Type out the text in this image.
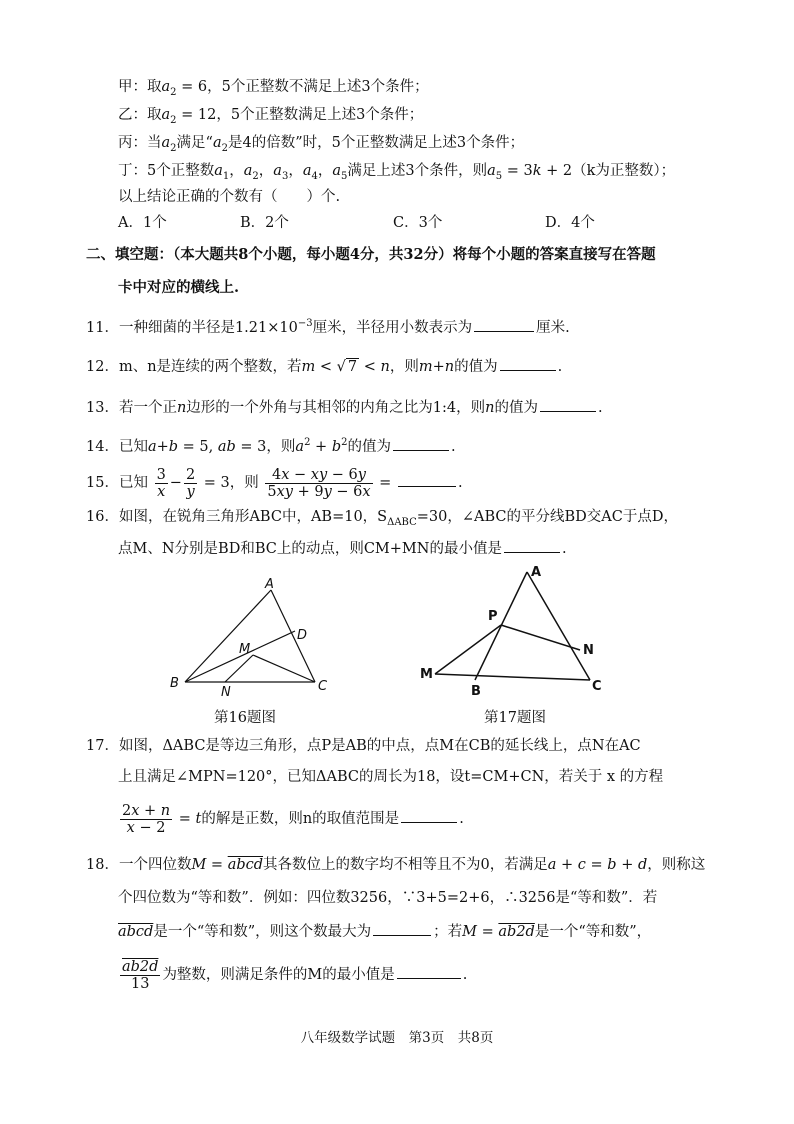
甲：取$a_2 = 6$，5个正整数不满足上述3个条件；
乙：取$a_2 = 12$，5个正整数满足上述3个条件；
丙：当$a_2$满足“$a_2$是4的倍数”时，5个正整数满足上述3个条件；
丁：5个正整数$a_1$，$a_2$，$a_3$，$a_4$，$a_5$满足上述3个条件，则$a_5 = 3k + 2(k$为正整数）；
以上结论正确的个数有（　　）个.
A．1个	B．2个	C．3个	D．4个
二、填空题：（本大题共8个小题，每小题4分，共32分）将每个小题的答案直接写在答题
卡中对应的横线上.
11．一种细菌的半径是$1.21\times 10^{-3}$厘米，半径用小数表示为	厘米.
12．m、n是连续的两个整数，若m < √ 7 < n，则m+n的值为	.
13．若一个正n边形的一个外角与其相邻的内角之比为1:4，则n的值为	.
14．已知a+b = 5, ab = 3，则$a^2 + b^2$的值为	.
15．已知 $\frac{3}{x} - \frac{2}{y} = 3$，则 $\frac{4x - xy - 6y}{5xy + 9y - 6x}$ =	.
16．如图，在锐角三角形ABC中，AB=10，$S_{\Delta ABC}=30$，∠ABC的平分线BD交AC于点D，
点M、N分别是BD和BC上的动点，则CM+MN的最小值是	.
A
B	C
D
M
N
第16题图
A
B	C
M
N
P
第17题图
17．如图，ΔABC是等边三角形，点P是AB的中点，点M在CB的延长线上，点N在AC
上且满足∠MPN=120°，已知ΔABC的周长为18，设t=CM+CN，若关于 x 的方程
$\frac{2x + n}{x - 2} = t$的解是正数，则n的取值范围是	.
18．一个四位数M = abcd其各数位上的数字均不相等且不为0，若满足a + c = b + d，则称这
个四位数为“等和数”．例如：四位数3256，∵3+5=2+6，∴3256是“等和数”．若
abcd是一个“等和数”，则这个数最大为	；若M = ab2d是一个“等和数”，
$\frac{ab2d}{13}$ 为整数，则满足条件的M的最小值是	.
八年级数学试题　第3页　共8页
